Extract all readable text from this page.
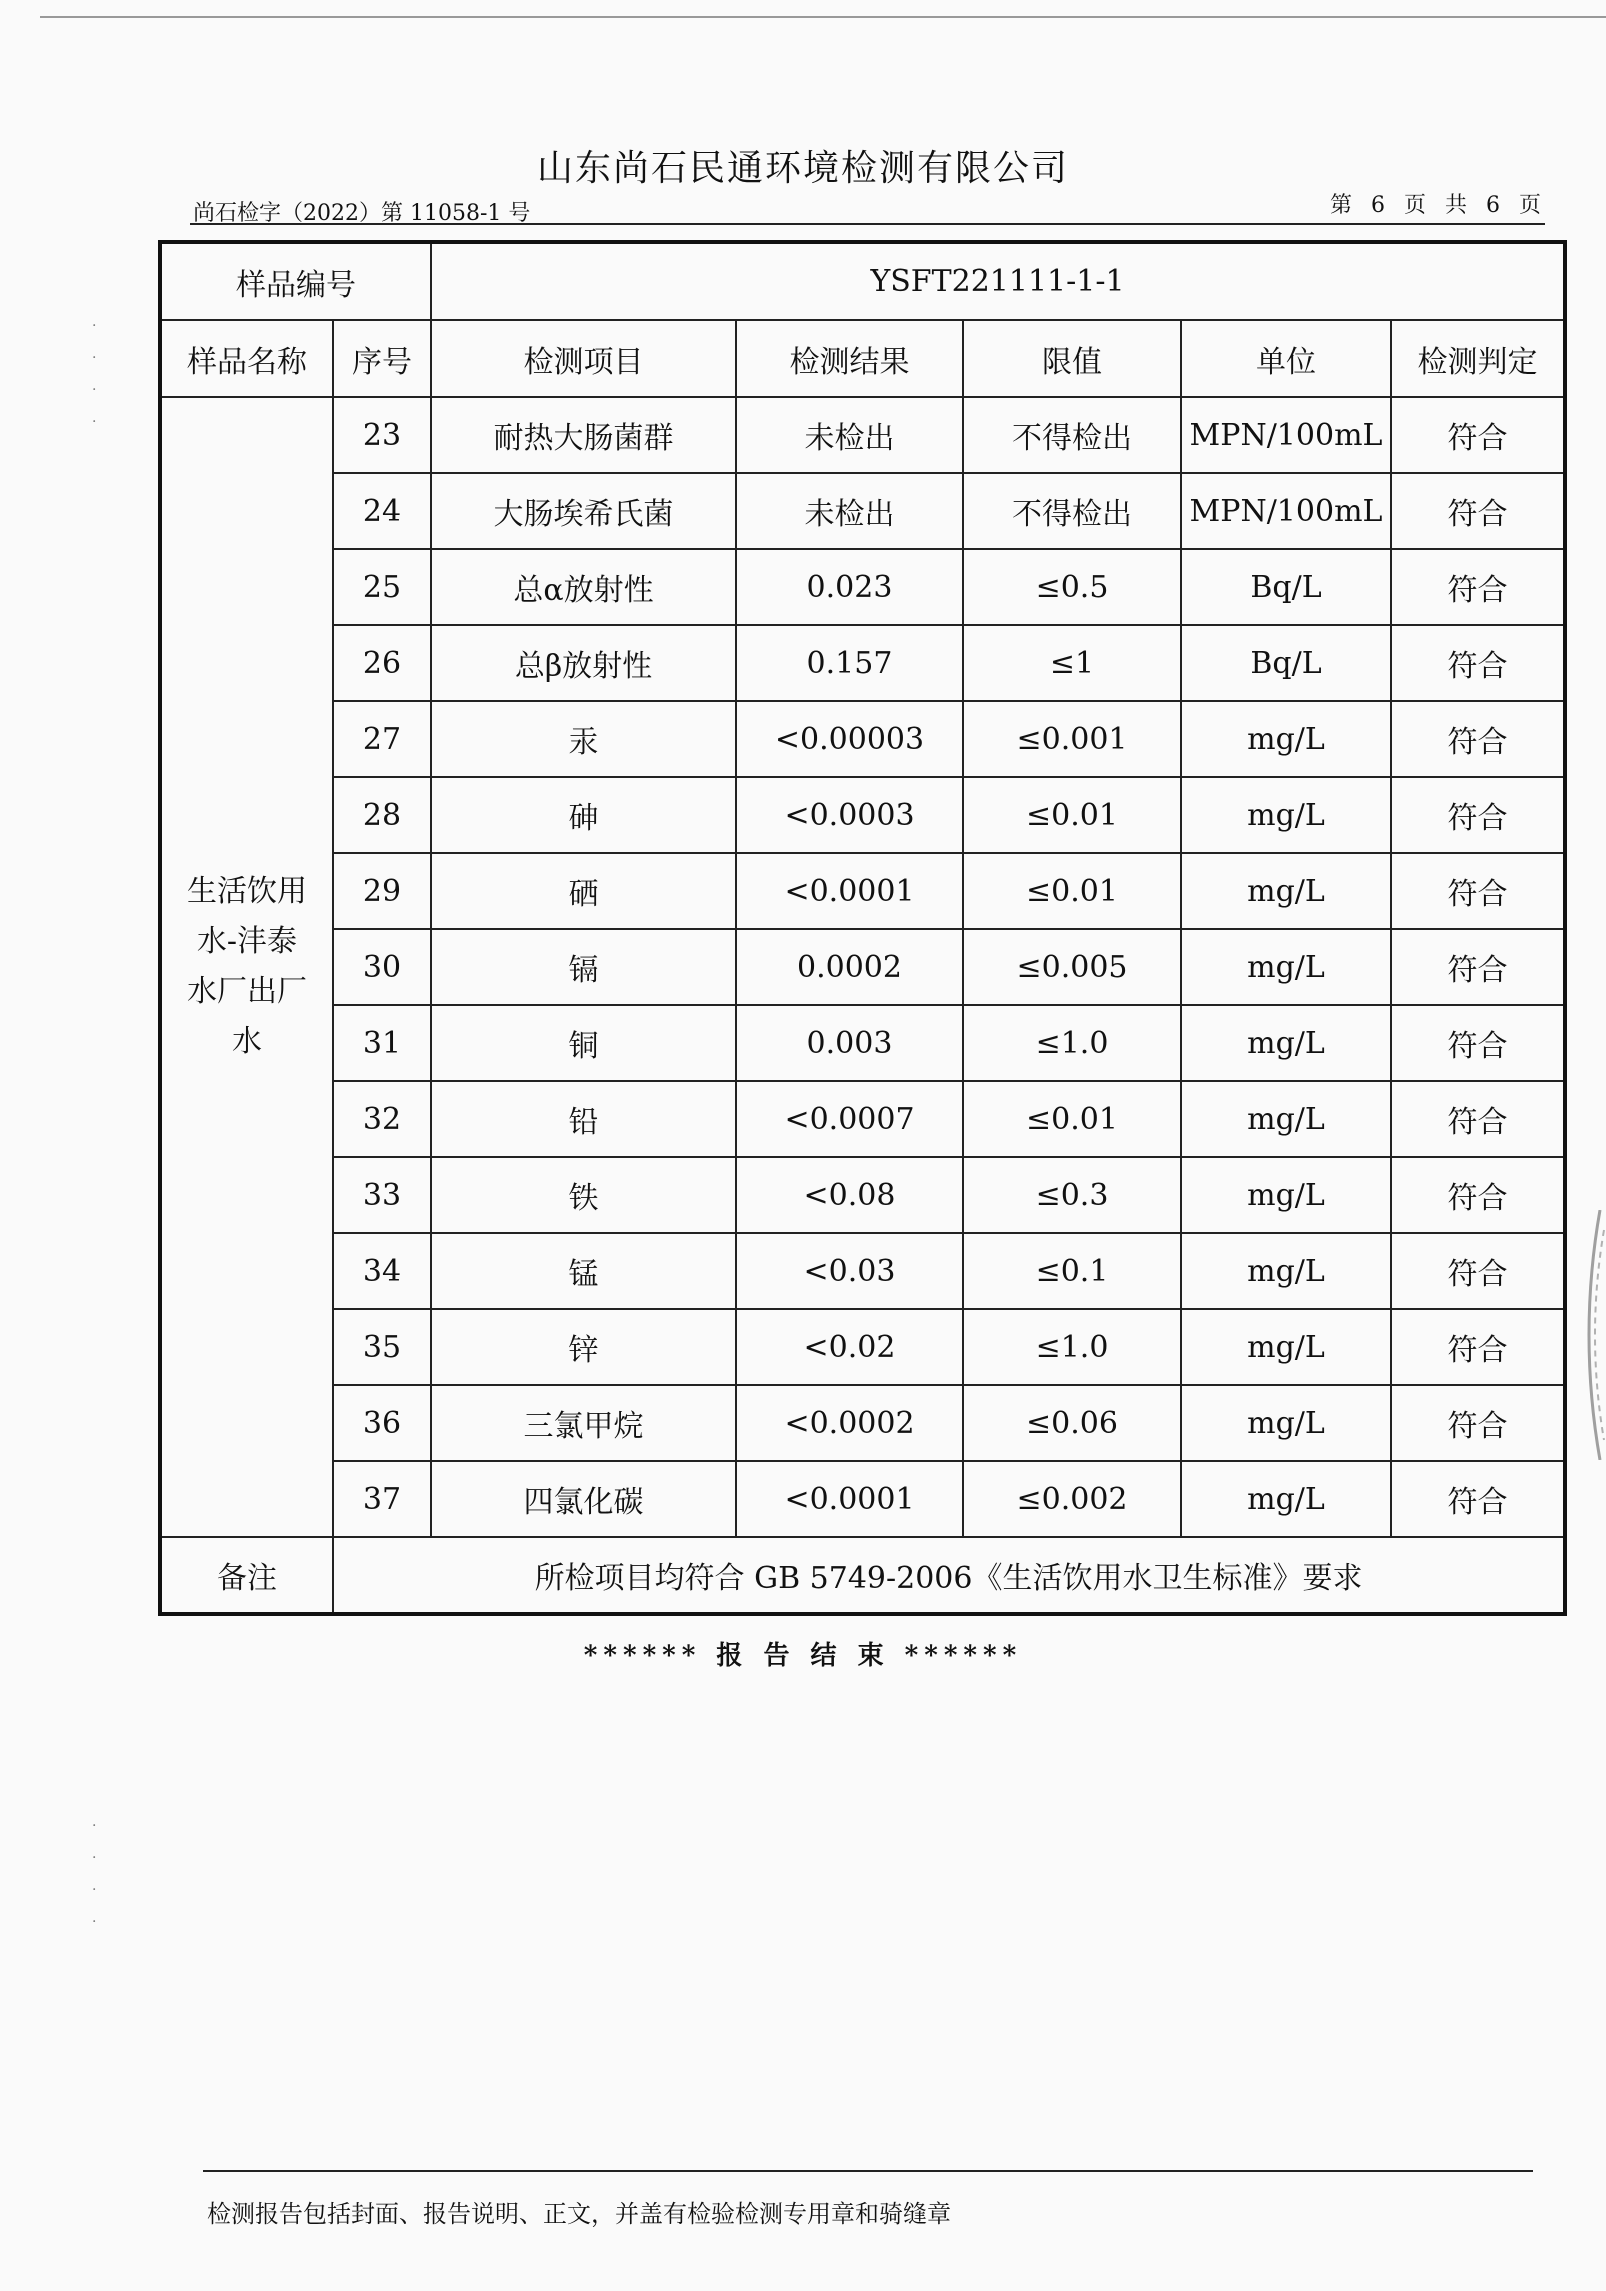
山东尚石民通环境检测有限公司
尚石检字（2022）第 11058-1 号	第 6 页 共 6 页
·
·
·
·
·
·
·
·
样品编号		YSFT221111-1-1				
样品名称	序号	检测项目	检测结果	限值	单位	检测判定
生活饮用
水-沣泰
水厂出厂
水	23	耐热大肠菌群	未检出	不得检出	MPN/100mL	符合
	24	大肠埃希氏菌	未检出	不得检出	MPN/100mL	符合
	25	总α放射性	0.023	≤0.5	Bq/L	符合
	26	总β放射性	0.157	≤1	Bq/L	符合
	27	汞	<0.00003	≤0.001	mg/L	符合
	28	砷	<0.0003	≤0.01	mg/L	符合
	29	硒	<0.0001	≤0.01	mg/L	符合
	30	镉	0.0002	≤0.005	mg/L	符合
	31	铜	0.003	≤1.0	mg/L	符合
	32	铅	<0.0007	≤0.01	mg/L	符合
	33	铁	<0.08	≤0.3	mg/L	符合
	34	锰	<0.03	≤0.1	mg/L	符合
	35	锌	<0.02	≤1.0	mg/L	符合
	36	三氯甲烷	<0.0002	≤0.06	mg/L	符合
	37	四氯化碳	<0.0001	≤0.002	mg/L	符合
备注	所检项目均符合 GB 5749-2006《生活饮用水卫生标准》要求					
****** 报 告 结 束 ******
检测报告包括封面、报告说明、正文，并盖有检验检测专用章和骑缝章
